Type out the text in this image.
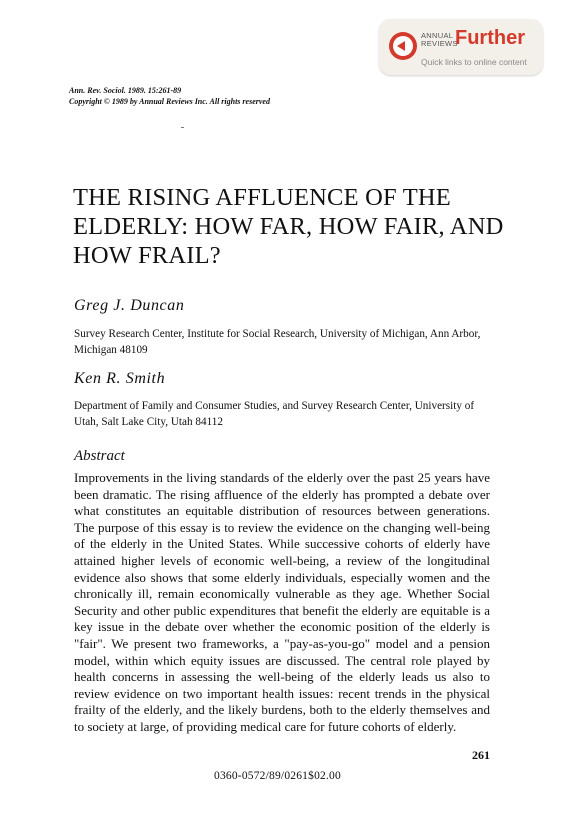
ANNUAL
REVIEWS
Further
Quick links to online content
Ann. Rev. Sociol. 1989. 15:261-89
Copyright © 1989 by Annual Reviews Inc. All rights reserved
THE RISING AFFLUENCE OF THE ELDERLY: HOW FAR, HOW FAIR, AND HOW FRAIL?
Greg J. Duncan
Survey Research Center, Institute for Social Research, University of Michigan, Ann Arbor, Michigan 48109
Ken R. Smith
Department of Family and Consumer Studies, and Survey Research Center, University of Utah, Salt Lake City, Utah 84112
Abstract

Improvements in the living standards of the elderly over the past 25 years have been dramatic. The rising affluence of the elderly has prompted a debate over what constitutes an equitable distribution of resources between generations. The purpose of this essay is to review the evidence on the changing well-being of the elderly in the United States. While successive cohorts of elderly have attained higher levels of economic well-being, a review of the longitudinal evidence also shows that some elderly individuals, especially women and the chronically ill, remain economically vulnerable as they age. Whether Social Security and other public expenditures that benefit the elderly are equitable is a key issue in the debate over whether the economic position of the elderly is "fair". We present two frameworks, a "pay-as-you-go" model and a pension model, within which equity issues are discussed. The central role played by health concerns in assessing the well-being of the elderly leads us also to review evidence on two important health issues: recent trends in the physical frailty of the elderly, and the likely burdens, both to the elderly themselves and to society at large, of providing medical care for future cohorts of elderly.

261
0360-0572/89/0261$02.00
